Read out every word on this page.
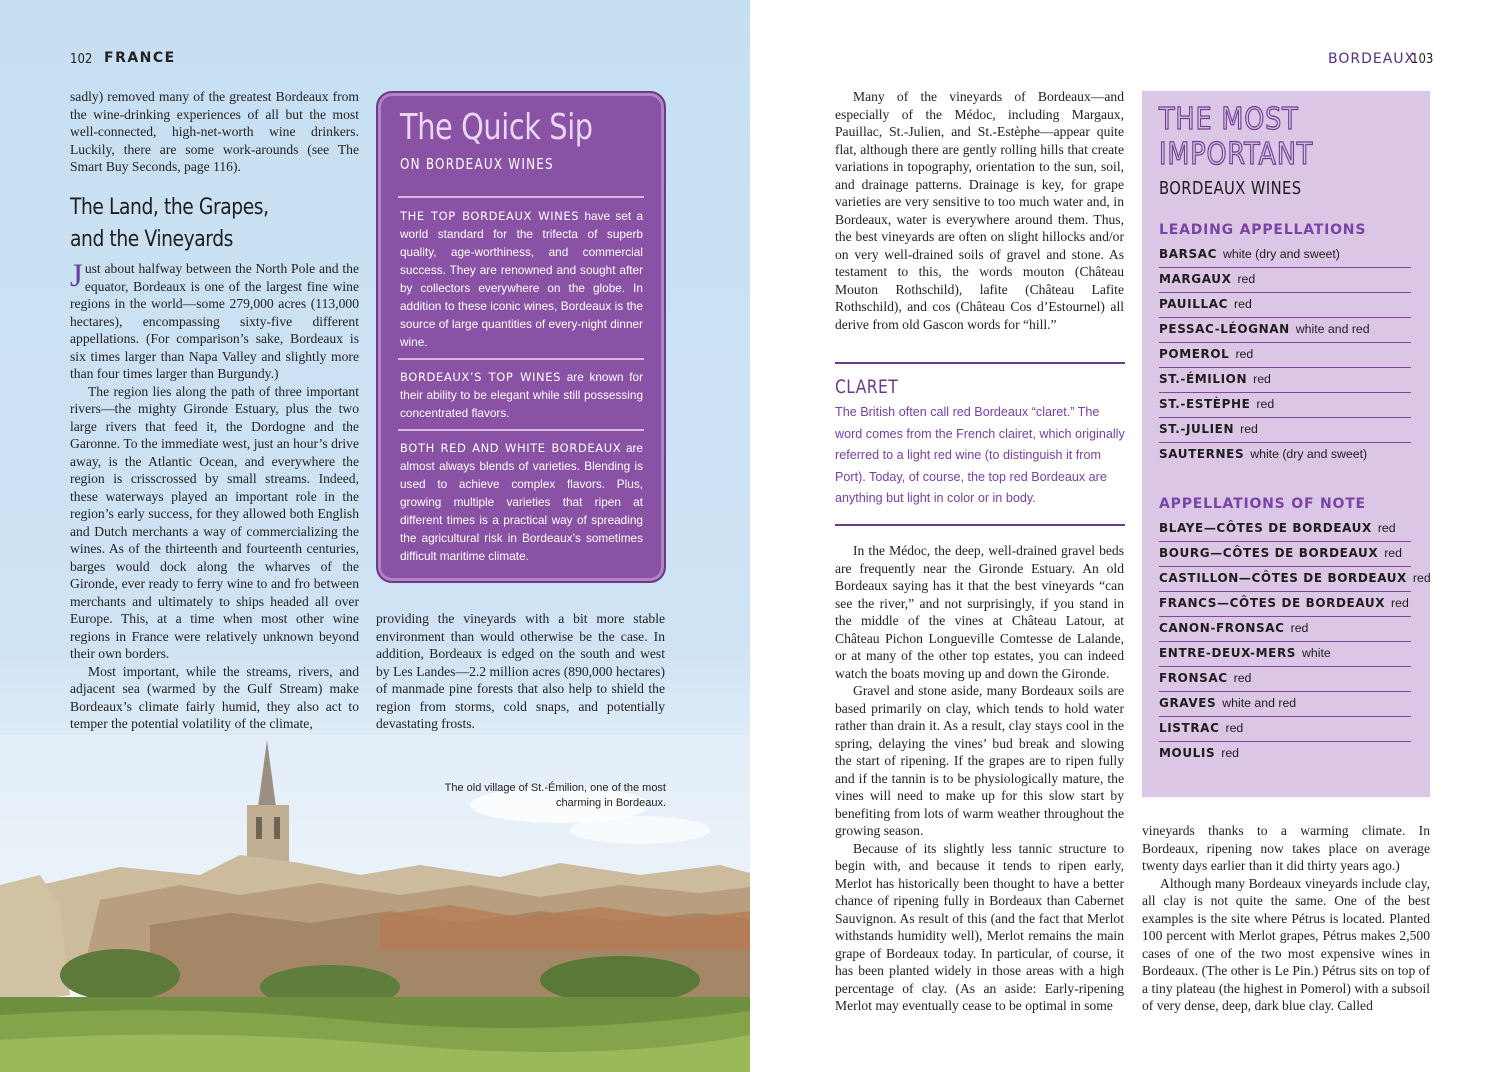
102 FRANCE

sadly) removed many of the greatest Bordeaux from the wine-drinking experiences of all but the most well-connected, high-net-worth wine drinkers. Luckily, there are some work-arounds (see The Smart Buy Seconds, page 116).

The Land, the Grapes,
and the Vineyards

Just about halfway between the North Pole and the equator, Bordeaux is one of the largest fine wine regions in the world—some 279,000 acres (113,000 hectares), encompassing sixty-five different appellations. (For comparison’s sake, Bordeaux is six times larger than Napa Valley and slightly more than four times larger than Burgundy.)

The region lies along the path of three important rivers—the mighty Gironde Estuary, plus the two large rivers that feed it, the Dordogne and the Garonne. To the immediate west, just an hour’s drive away, is the Atlantic Ocean, and everywhere the region is crisscrossed by small streams. Indeed, these waterways played an important role in the region’s early success, for they allowed both English and Dutch merchants a way of commercializing the wines. As of the thirteenth and fourteenth centuries, barges would dock along the wharves of the Gironde, ever ready to ferry wine to and fro between merchants and ultimately to ships headed all over Europe. This, at a time when most other wine regions in France were relatively unknown beyond their own borders.

Most important, while the streams, rivers, and adjacent sea (warmed by the Gulf Stream) make Bordeaux’s climate fairly humid, they also act to temper the potential volatility of the climate,

providing the vineyards with a bit more stable environment than would otherwise be the case. In addition, Bordeaux is edged on the south and west by Les Landes—2.2 million acres (890,000 hectares) of manmade pine forests that also help to shield the region from storms, cold snaps, and potentially devastating frosts.

The Quick Sip
ON BORDEAUX WINES

THE TOP BORDEAUX WINES have set a world standard for the trifecta of superb quality, age-worthiness, and commercial success. They are renowned and sought after by collectors everywhere on the globe. In addition to these iconic wines, Bordeaux is the source of large quantities of every-night dinner wine.

BORDEAUX’S TOP WINES are known for their ability to be elegant while still possessing concentrated flavors.

BOTH RED AND WHITE BORDEAUX are almost always blends of varieties. Blending is used to achieve complex flavors. Plus, growing multiple varieties that ripen at different times is a practical way of spreading the agricultural risk in Bordeaux’s sometimes difficult maritime climate.

The old village of St.-Émilion, one of the most charming in Bordeaux.

BORDEAUX
103

Many of the vineyards of Bordeaux—and especially of the Médoc, including Margaux, Pauillac, St.-Julien, and St.-Estèphe—appear quite flat, although there are gently rolling hills that create variations in topography, orientation to the sun, soil, and drainage patterns. Drainage is key, for grape varieties are very sensitive to too much water and, in Bordeaux, water is everywhere around them. Thus, the best vineyards are often on slight hillocks and/or on very well-drained soils of gravel and stone. As testament to this, the words mouton (Château Mouton Rothschild), lafite (Château Lafite Rothschild), and cos (Château Cos d’Estournel) all derive from old Gascon words for “hill.”

CLARET

The British often call red Bordeaux “claret.” The word comes from the French clairet, which originally referred to a light red wine (to distinguish it from Port). Today, of course, the top red Bordeaux are anything but light in color or in body.

In the Médoc, the deep, well-drained gravel beds are frequently near the Gironde Estuary. An old Bordeaux saying has it that the best vineyards “can see the river,” and not surprisingly, if you stand in the middle of the vines at Château Latour, at Château Pichon Longueville Comtesse de Lalande, or at many of the other top estates, you can indeed watch the boats moving up and down the Gironde.

Gravel and stone aside, many Bordeaux soils are based primarily on clay, which tends to hold water rather than drain it. As a result, clay stays cool in the spring, delaying the vines’ bud break and slowing the start of ripening. If the grapes are to ripen fully and if the tannin is to be physiologically mature, the vines will need to make up for this slow start by benefiting from lots of warm weather throughout the growing season.

Because of its slightly less tannic structure to begin with, and because it tends to ripen early, Merlot has historically been thought to have a better chance of ripening fully in Bordeaux than Cabernet Sauvignon. As result of this (and the fact that Merlot withstands humidity well), Merlot remains the main grape of Bordeaux today. In particular, of course, it has been planted widely in those areas with a high percentage of clay. (As an aside: Early-ripening Merlot may eventually cease to be optimal in some

vineyards thanks to a warming climate. In Bordeaux, ripening now takes place on average twenty days earlier than it did thirty years ago.)

Although many Bordeaux vineyards include clay, all clay is not quite the same. One of the best examples is the site where Pétrus is located. Planted 100 percent with Merlot grapes, Pétrus makes 2,500 cases of one of the two most expensive wines in Bordeaux. (The other is Le Pin.) Pétrus sits on top of a tiny plateau (the highest in Pomerol) with a subsoil of very dense, deep, dark blue clay. Called

THE MOST
IMPORTANT
BORDEAUX WINES
LEADING APPELLATIONS
BARSAC white (dry and sweet)
MARGAUX red
PAUILLAC red
PESSAC-LÉOGNAN white and red
POMEROL red
ST.-ÉMILION red
ST.-ESTÈPHE red
ST.-JULIEN red
SAUTERNES white (dry and sweet)
APPELLATIONS OF NOTE
BLAYE—CÔTES DE BORDEAUX red
BOURG—CÔTES DE BORDEAUX red
CASTILLON—CÔTES DE BORDEAUX red
FRANCS—CÔTES DE BORDEAUX red
CANON-FRONSAC red
ENTRE-DEUX-MERS white
FRONSAC red
GRAVES white and red
LISTRAC red
MOULIS red
